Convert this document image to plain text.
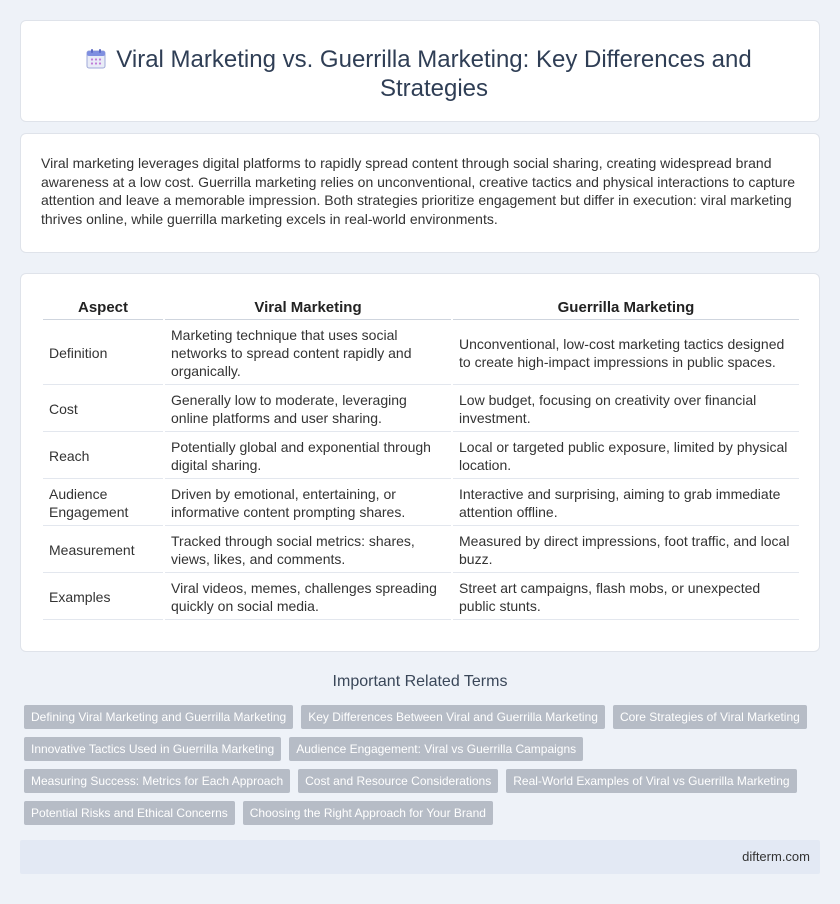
Viral Marketing vs. Guerrilla Marketing: Key Differences and Strategies

Viral marketing leverages digital platforms to rapidly spread content through social sharing, creating widespread brand awareness at a low cost. Guerrilla marketing relies on unconventional, creative tactics and physical interactions to capture attention and leave a memorable impression. Both strategies prioritize engagement but differ in execution: viral marketing thrives online, while guerrilla marketing excels in real-world environments.

Aspect	Viral Marketing	Guerrilla Marketing
Definition	Marketing technique that uses social networks to spread content rapidly and organically.	Unconventional, low-cost marketing tactics designed to create high-impact impressions in public spaces.
Cost	Generally low to moderate, leveraging online platforms and user sharing.	Low budget, focusing on creativity over financial investment.
Reach	Potentially global and exponential through digital sharing.	Local or targeted public exposure, limited by physical location.
Audience Engagement	Driven by emotional, entertaining, or informative content prompting shares.	Interactive and surprising, aiming to grab immediate attention offline.
Measurement	Tracked through social metrics: shares, views, likes, and comments.	Measured by direct impressions, foot traffic, and local buzz.
Examples	Viral videos, memes, challenges spreading quickly on social media.	Street art campaigns, flash mobs, or unexpected public stunts.
Important Related Terms
Defining Viral Marketing and Guerrilla Marketing	Key Differences Between Viral and Guerrilla Marketing	Core Strategies of Viral Marketing
Innovative Tactics Used in Guerrilla Marketing	Audience Engagement: Viral vs Guerrilla Campaigns
Measuring Success: Metrics for Each Approach	Cost and Resource Considerations	Real-World Examples of Viral vs Guerrilla Marketing
Potential Risks and Ethical Concerns	Choosing the Right Approach for Your Brand
difterm.com
